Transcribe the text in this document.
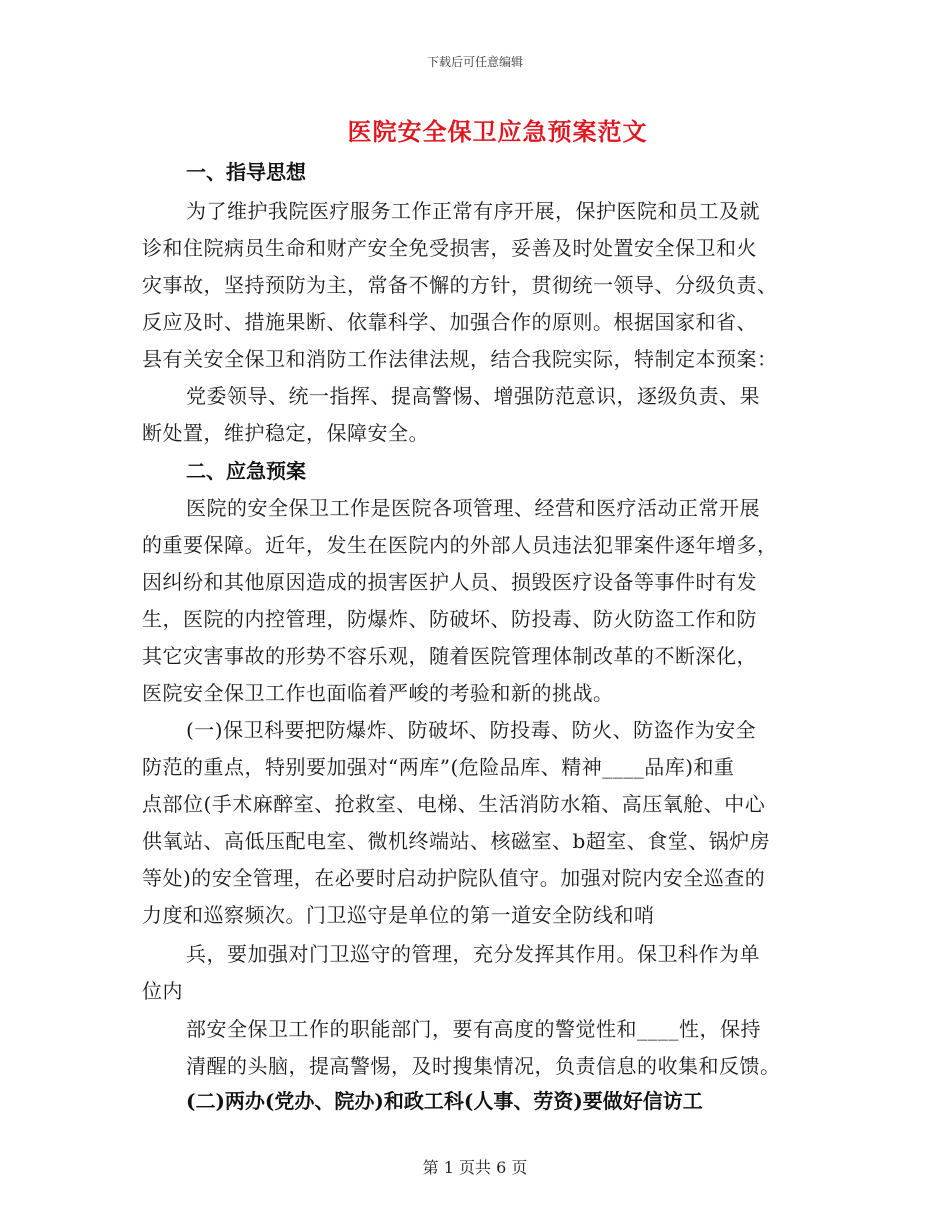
下载后可任意编辑
医院安全保卫应急预案范文
一、指导思想
为了维护我院医疗服务工作正常有序开展，保护医院和员工及就
诊和住院病员生命和财产安全免受损害，妥善及时处置安全保卫和火
灾事故，坚持预防为主，常备不懈的方针，贯彻统一领导、分级负责、
反应及时、措施果断、依靠科学、加强合作的原则。根据国家和省、
县有关安全保卫和消防工作法律法规，结合我院实际，特制定本预案：
党委领导、统一指挥、提高警惕、增强防范意识，逐级负责、果
断处置，维护稳定，保障安全。
二、应急预案
医院的安全保卫工作是医院各项管理、经营和医疗活动正常开展
的重要保障。近年，发生在医院内的外部人员违法犯罪案件逐年增多，
因纠纷和其他原因造成的损害医护人员、损毁医疗设备等事件时有发
生，医院的内控管理，防爆炸、防破坏、防投毒、防火防盗工作和防
其它灾害事故的形势不容乐观，随着医院管理体制改革的不断深化，
医院安全保卫工作也面临着严峻的考验和新的挑战。
(一)保卫科要把防爆炸、防破坏、防投毒、防火、防盗作为安全
防范的重点，特别要加强对“两库”(危险品库、精神____品库)和重
点部位(手术麻醉室、抢救室、电梯、生活消防水箱、高压氧舱、中心
供氧站、高低压配电室、微机终端站、核磁室、b超室、食堂、锅炉房
等处)的安全管理，在必要时启动护院队值守。加强对院内安全巡查的
力度和巡察频次。门卫巡守是单位的第一道安全防线和哨
兵，要加强对门卫巡守的管理，充分发挥其作用。保卫科作为单
位内
部安全保卫工作的职能部门，要有高度的警觉性和____性，保持
清醒的头脑，提高警惕，及时搜集情况，负责信息的收集和反馈。
(二)两办(党办、院办)和政工科(人事、劳资)要做好信访工
第 1 页共 6 页
